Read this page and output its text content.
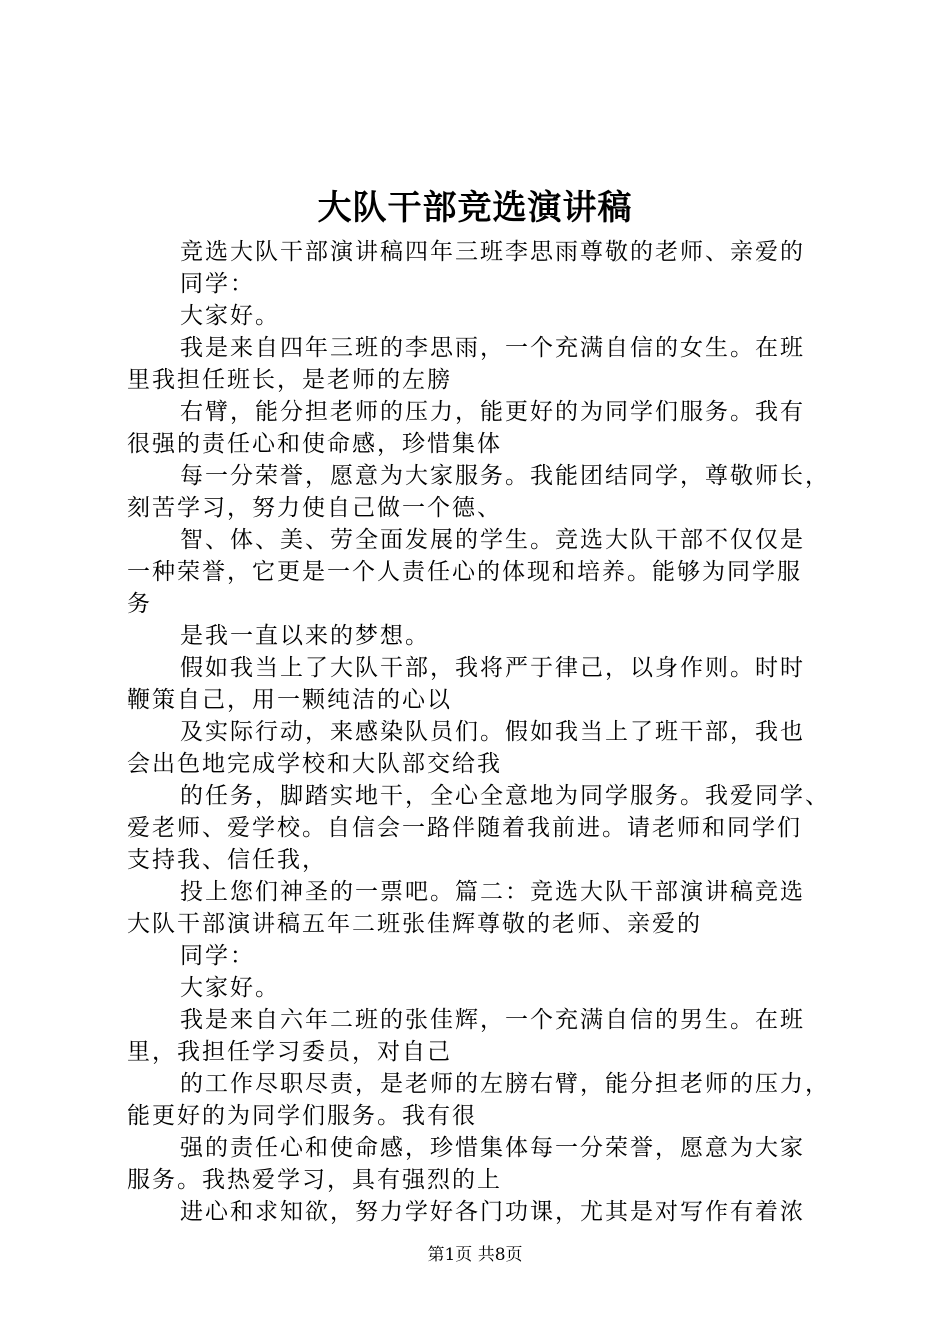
大队干部竞选演讲稿
竞选大队干部演讲稿四年三班李思雨尊敬的老师、亲爱的
同学：
大家好。
我是来自四年三班的李思雨，一个充满自信的女生。在班
里我担任班长，是老师的左膀
右臂，能分担老师的压力，能更好的为同学们服务。我有
很强的责任心和使命感，珍惜集体
每一分荣誉，愿意为大家服务。我能团结同学，尊敬师长，
刻苦学习，努力使自己做一个德、
智、体、美、劳全面发展的学生。竞选大队干部不仅仅是
一种荣誉，它更是一个人责任心的体现和培养。能够为同学服
务
是我一直以来的梦想。
假如我当上了大队干部，我将严于律己，以身作则。时时
鞭策自己，用一颗纯洁的心以
及实际行动，来感染队员们。假如我当上了班干部，我也
会出色地完成学校和大队部交给我
的任务，脚踏实地干，全心全意地为同学服务。我爱同学、
爱老师、爱学校。自信会一路伴随着我前进。请老师和同学们
支持我、信任我，
投上您们神圣的一票吧。篇二：竞选大队干部演讲稿竞选
大队干部演讲稿五年二班张佳辉尊敬的老师、亲爱的
同学：
大家好。
我是来自六年二班的张佳辉，一个充满自信的男生。在班
里，我担任学习委员，对自己
的工作尽职尽责，是老师的左膀右臂，能分担老师的压力，
能更好的为同学们服务。我有很
强的责任心和使命感，珍惜集体每一分荣誉，愿意为大家
服务。我热爱学习，具有强烈的上
进心和求知欲，努力学好各门功课，尤其是对写作有着浓
第1页 共8页
